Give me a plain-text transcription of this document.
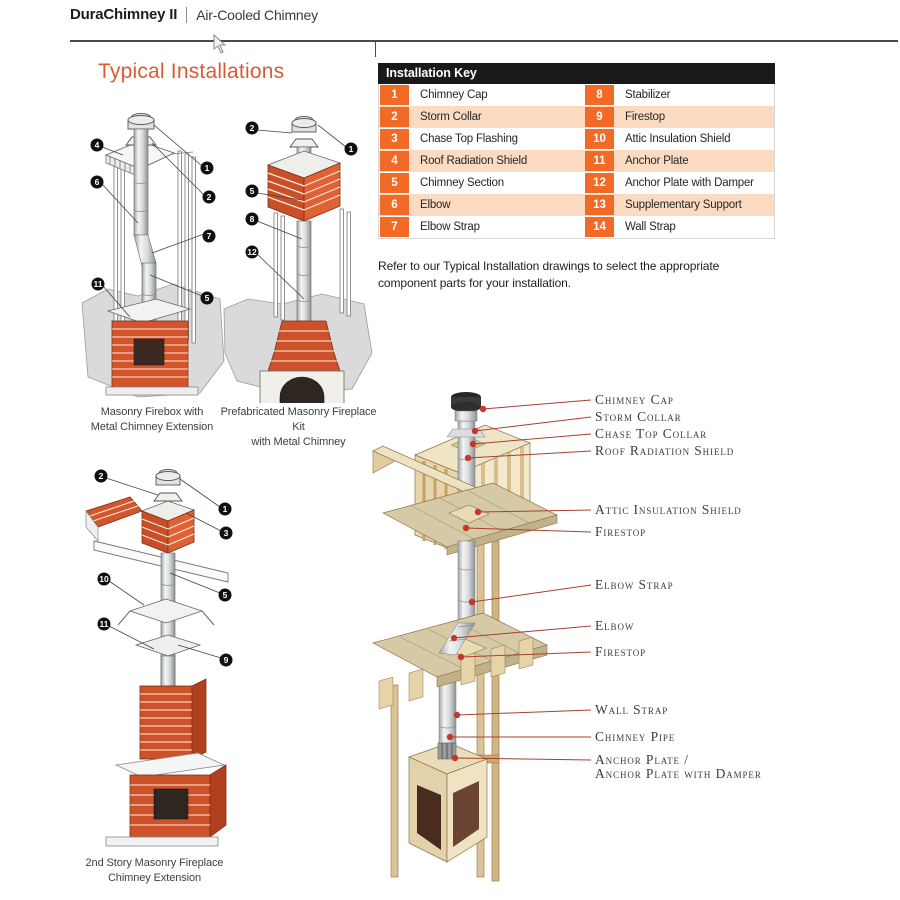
DuraChimney II Air-Cooled Chimney
Typical Installations	Installation Key
1	Chimney Cap	8	Stabilizer
2	Storm Collar	9	Firestop
3	Chase Top Flashing	10	Attic Insulation Shield
4	Roof Radiation Shield	11	Anchor Plate
5	Chimney Section	12	Anchor Plate with Damper
6	Elbow	13	Supplementary Support
7	Elbow Strap	14	Wall Strap
Refer to our Typical Installation drawings to select the appropriate component parts for your installation.
4
1
6
2
7
11
5
2
1
5
8
12
2
1
3
10
5
11
9
Masonry Firebox with
Metal Chimney Extension
Prefabricated Masonry Fireplace Kit
with Metal Chimney
2nd Story Masonry Fireplace
Chimney Extension
Chimney Cap
Storm Collar
Chase Top Collar
Roof Radiation Shield
Attic Insulation Shield
Firestop
Elbow Strap
Elbow
Firestop
Wall Strap
Chimney Pipe
Anchor Plate /
Anchor Plate with Damper
